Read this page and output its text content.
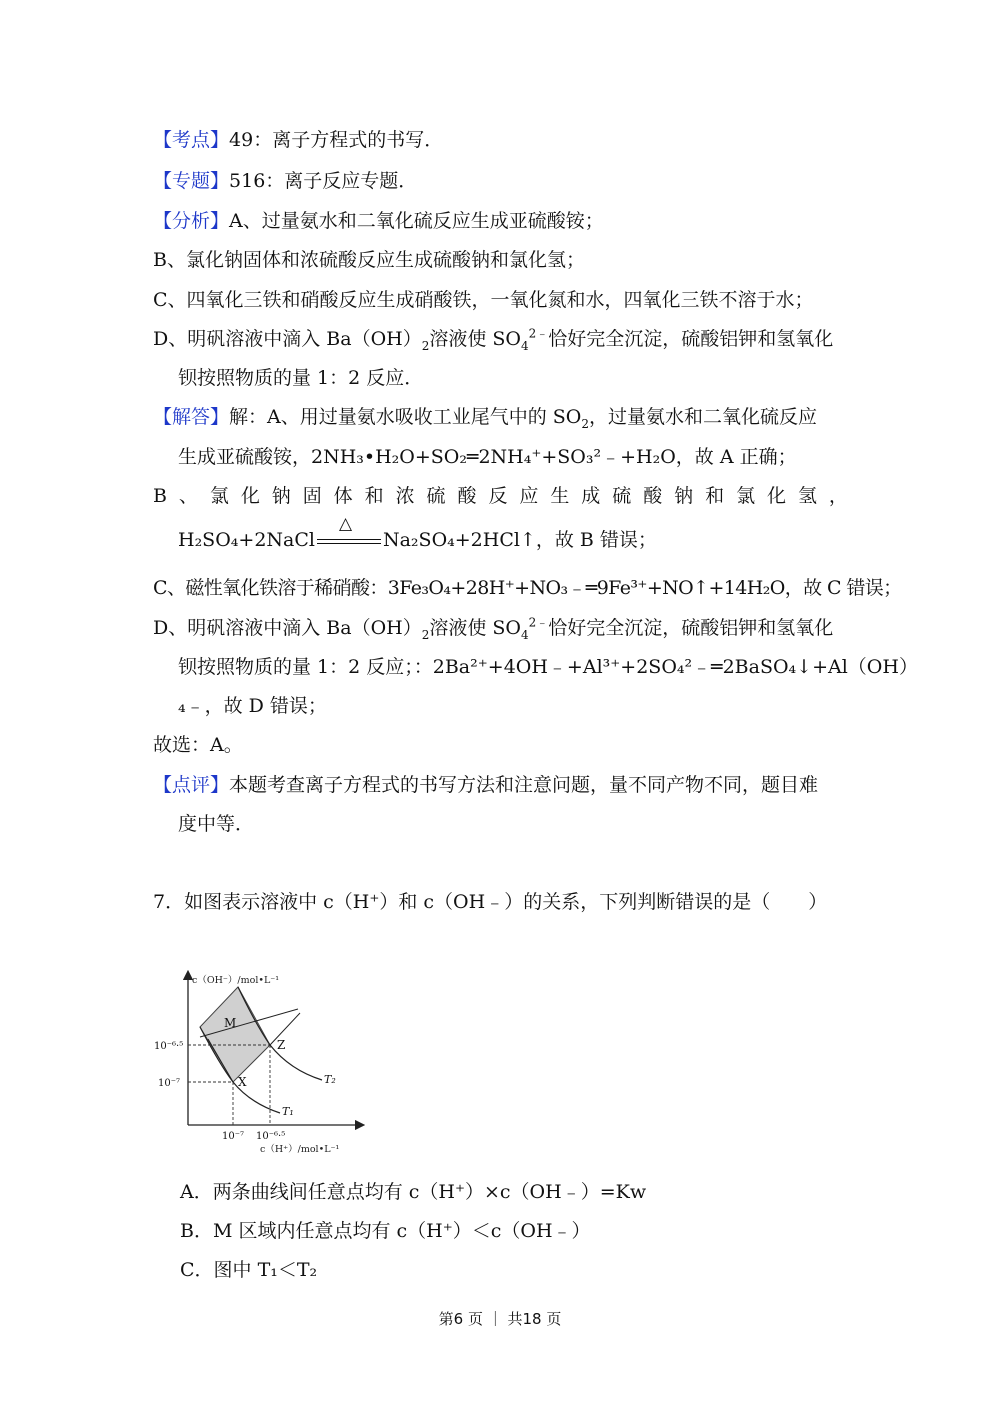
【考点】49：离子方程式的书写．
【专题】516：离子反应专题．
【分析】A、过量氨水和二氧化硫反应生成亚硫酸铵；
B、氯化钠固体和浓硫酸反应生成硫酸钠和氯化氢；
C、四氧化三铁和硝酸反应生成硝酸铁，一氧化氮和水，四氧化三铁不溶于水；
D、明矾溶液中滴入 $Ba(OH)_2$溶液使 $SO_4^{2﹣}$恰好完全沉淀，硫酸铝钾和氢氧化
钡按照物质的量 1：2 反应．
【解答】解：A、用过量氨水吸收工业尾气中的 $SO_2$，过量氨水和二氧化硫反应
生成亚硫酸铵，2NH₃•H₂O+SO₂═2NH₄⁺+SO₃²﹣+H₂O，故 A 正确；
B 、 氯 化 钠 固 体 和 浓 硫 酸 反 应 生 成 硫 酸 钠 和 氯 化 氢 ，
H₂SO₄+2NaCl
△
Na₂SO₄+2HCl↑，故 B 错误；
C、磁性氧化铁溶于稀硝酸：3Fe₃O₄+28H⁺+NO₃﹣═9Fe³⁺+NO↑+14H₂O，故 C 错误；
D、明矾溶液中滴入 $Ba(OH)_2$溶液使 $SO_4^{2﹣}$恰好完全沉淀，硫酸铝钾和氢氧化
钡按照物质的量 1：2 反应；：2Ba²⁺+4OH﹣+Al³⁺+2SO₄²﹣═2BaSO₄↓+Al（OH）
₄﹣，故 D 错误；
故选：A。
【点评】本题考查离子方程式的书写方法和注意问题，量不同产物不同，题目难
度中等．
7．如图表示溶液中 c（H⁺）和 c（OH﹣）的关系，下列判断错误的是（　　）
c（OH⁻）/mol•L⁻¹
c（H⁺）/mol•L⁻¹
M
Z
X
T₁
T₂
10⁻⁶·⁵
10⁻⁷
10⁻⁷ 10⁻⁶·⁵
A．两条曲线间任意点均有 c（H⁺）×c（OH﹣）=Kw
B．M 区域内任意点均有 c（H⁺）＜c（OH﹣）
C．图中 T₁＜T₂
第6 页 ｜ 共18 页
